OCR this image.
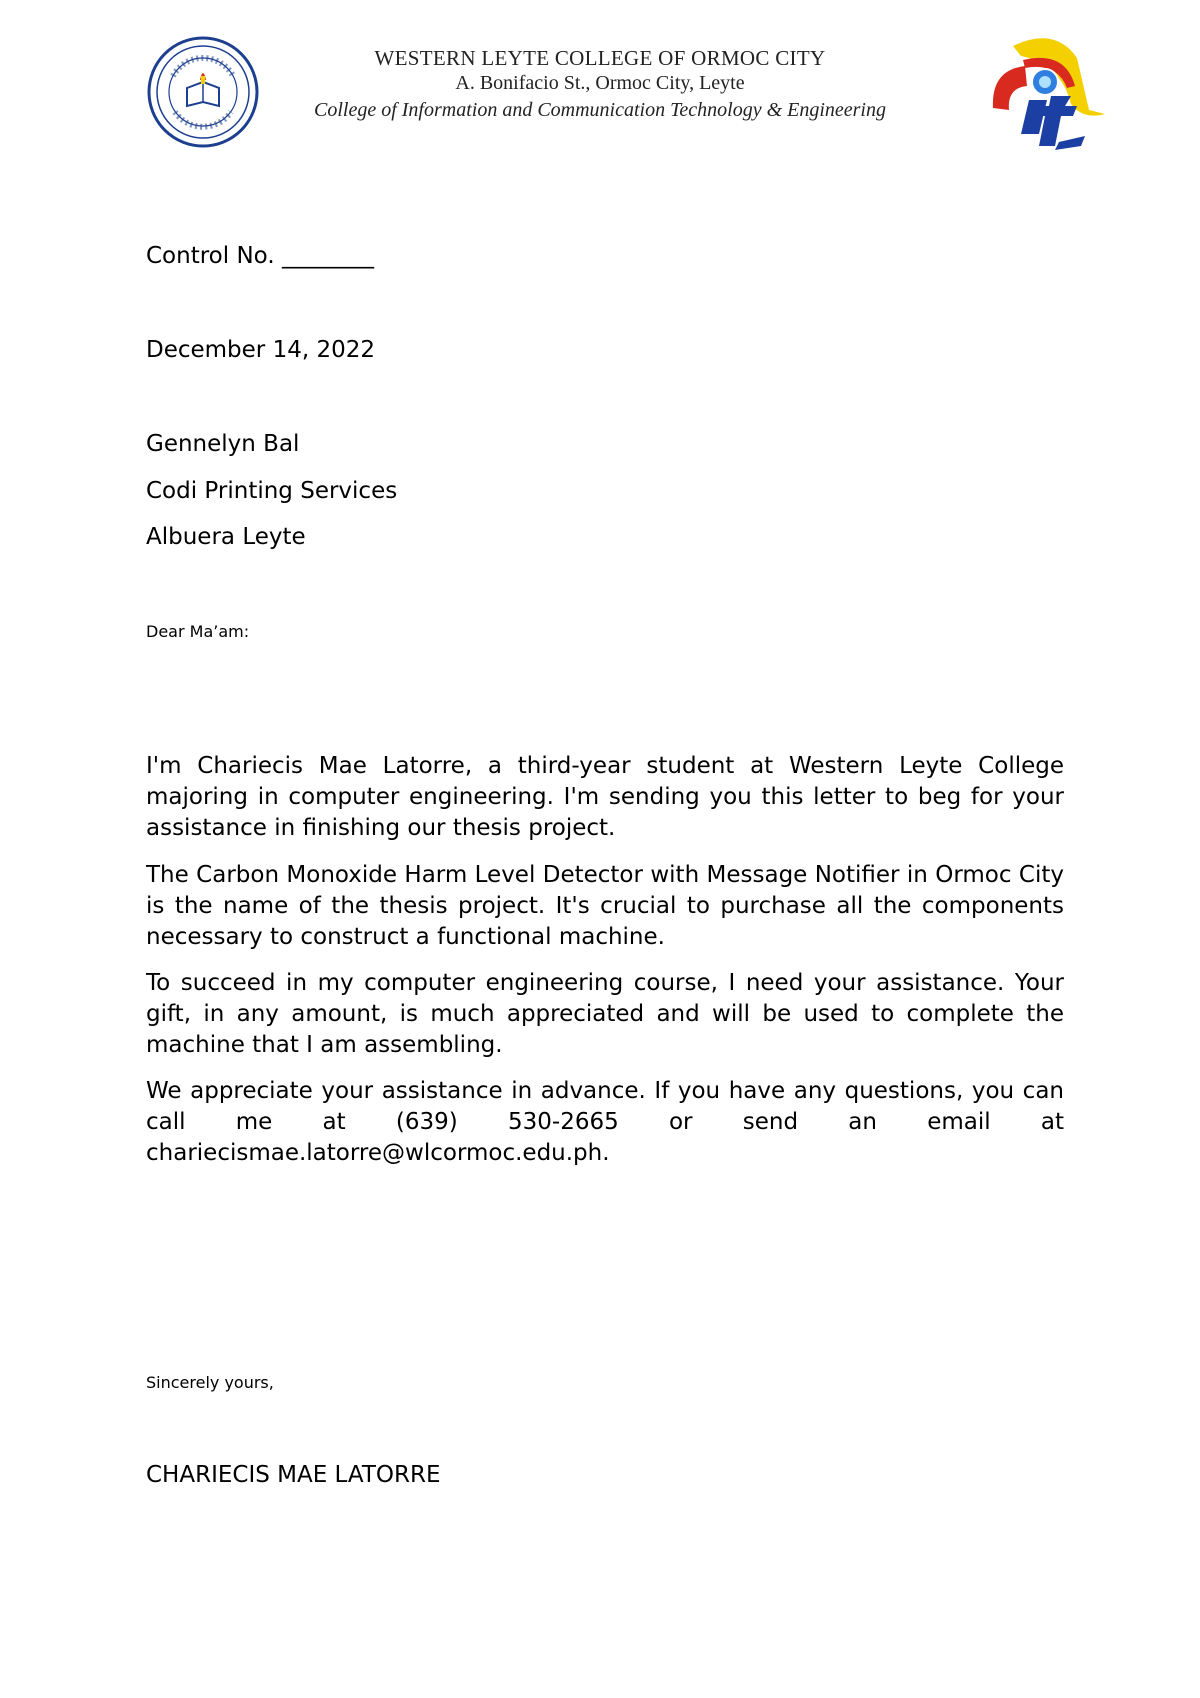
WESTERN LEYTE COLLEGE OF ORMOC CITY
A. Bonifacio St., Ormoc City, Leyte
College of Information and Communication Technology & Engineering
Control No. ________
December 14, 2022
Gennelyn Bal
Codi Printing Services
Albuera Leyte
Dear Ma’am:
I'm Chariecis Mae Latorre, a third-year student at Western Leyte College majoring in computer engineering. I'm sending you this letter to beg for your assistance in finishing our thesis project.
The Carbon Monoxide Harm Level Detector with Message Notifier in Ormoc City is the name of the thesis project. It's crucial to purchase all the components necessary to construct a functional machine.
To succeed in my computer engineering course, I need your assistance. Your gift, in any amount, is much appreciated and will be used to complete the machine that I am assembling.
We appreciate your assistance in advance. If you have any questions, you can call me at (639) 530-2665 or send an email at chariecismae.latorre@wlcormoc.edu.ph.
Sincerely yours,
CHARIECIS MAE LATORRE
